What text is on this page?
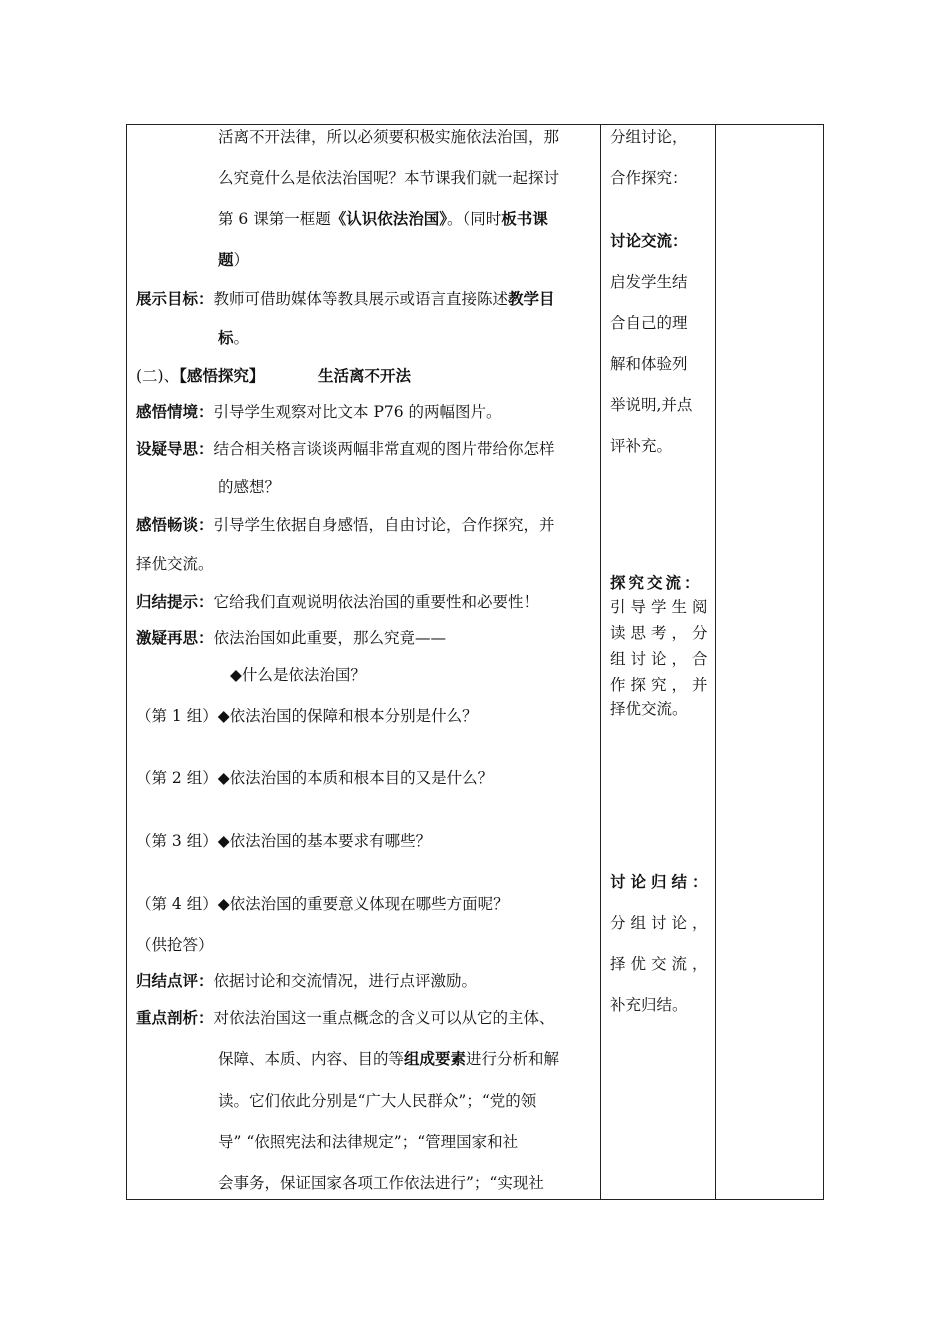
活离不开法律，所以必须要积极实施依法治国，那
么究竟什么是依法治国呢？本节课我们就一起探讨
第 6 课第一框题《认识依法治国》。（同时板书课
题）
展示目标：教师可借助媒体等教具展示或语言直接陈述教学目
标。
(二)、【感悟探究】	生活离不开法
感悟情境：引导学生观察对比文本 P76 的两幅图片。
设疑导思：结合相关格言谈谈两幅非常直观的图片带给你怎样
的感想？
感悟畅谈：引导学生依据自身感悟，自由讨论，合作探究，并
择优交流。
归结提示：它给我们直观说明依法治国的重要性和必要性！
激疑再思：依法治国如此重要，那么究竟——
◆什么是依法治国？
（第 1 组）◆依法治国的保障和根本分别是什么？
（第 2 组）◆依法治国的本质和根本目的又是什么？
（第 3 组）◆依法治国的基本要求有哪些？
（第 4 组）◆依法治国的重要意义体现在哪些方面呢？
（供抢答）
归结点评：依据讨论和交流情况，进行点评激励。
重点剖析：对依法治国这一重点概念的含义可以从它的主体、
保障、本质、内容、目的等组成要素进行分析和解
读。它们依此分别是“广大人民群众”；“党的领
导” “依照宪法和法律规定”；“管理国家和社
会事务，保证国家各项工作依法进行”；“实现社
分组讨论，
合作探究：
讨论交流：
启发学生结
合自己的理
解和体验列
举说明,并点
评补充。
探究交流：
引导学生阅
读思考，分
组讨论，合
作探究，并
择优交流。
讨论归结：
分组讨论，
择优交流，
补充归结。
